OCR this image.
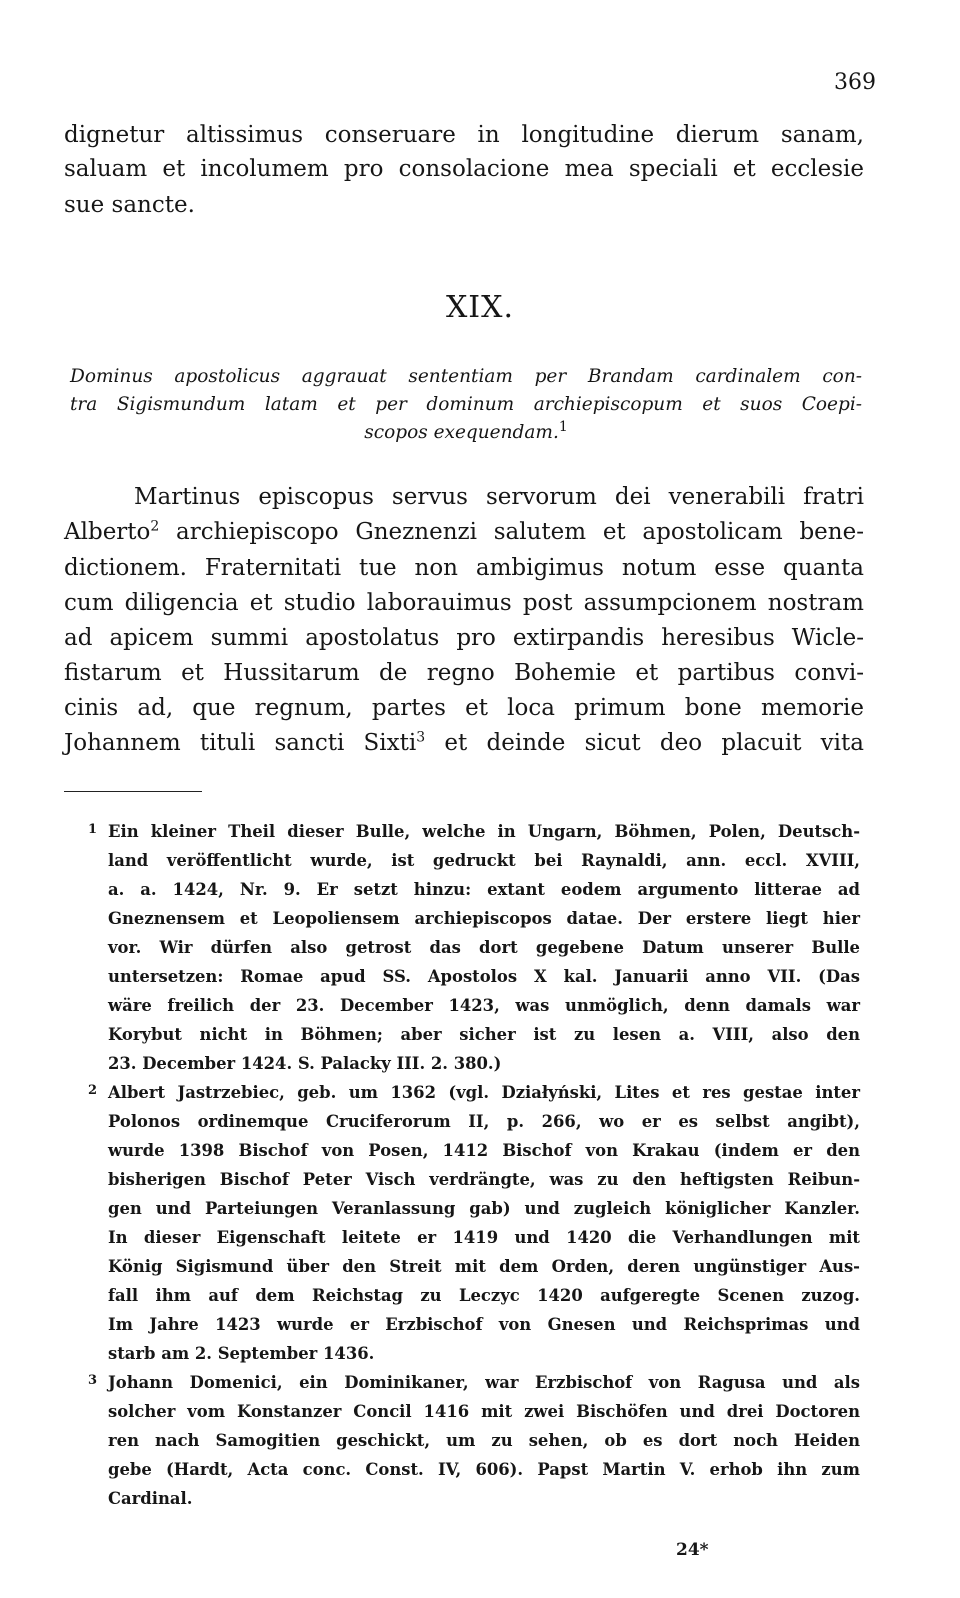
369
dignetur altissimus conseruare in longitudine dierum sanam,
saluam et incolumem pro consolacione mea speciali et ecclesie
sue sancte.
XIX.
Dominus apostolicus aggrauat sententiam per Brandam cardinalem con-
tra Sigismundum latam et per dominum archiepiscopum et suos Coepi-
scopos exequendam.$^1$
Martinus episcopus servus servorum dei venerabili fratri
Alberto$^2$ archiepiscopo Gneznenzi salutem et apostolicam bene-
dictionem. Fraternitati tue non ambigimus notum esse quanta
cum diligencia et studio laborauimus post assumpcionem nostram
ad apicem summi apostolatus pro extirpandis heresibus Wicle-
fistarum et Hussitarum de regno Bohemie et partibus convi-
cinis ad, que regnum, partes et loca primum bone memorie
Johannem tituli sancti Sixti$^3$ et deinde sicut deo placuit vita
1 Ein kleiner Theil dieser Bulle, welche in Ungarn, Böhmen, Polen, Deutsch-
land veröffentlicht wurde, ist gedruckt bei Raynaldi, ann. eccl. XVIII,
a. a. 1424, Nr. 9. Er setzt hinzu: extant eodem argumento litterae ad
Gneznensem et Leopoliensem archiepiscopos datae. Der erstere liegt hier
vor. Wir dürfen also getrost das dort gegebene Datum unserer Bulle
untersetzen: Romae apud SS. Apostolos X kal. Januarii anno VII. (Das
wäre freilich der 23. December 1423, was unmöglich, denn damals war
Korybut nicht in Böhmen; aber sicher ist zu lesen a. VIII, also den
23. December 1424. S. Palacky III. 2. 380.)
2 Albert Jastrzebiec, geb. um 1362 (vgl. Działyński, Lites et res gestae inter
Polonos ordinemque Cruciferorum II, p. 266, wo er es selbst angibt),
wurde 1398 Bischof von Posen, 1412 Bischof von Krakau (indem er den
bisherigen Bischof Peter Visch verdrängte, was zu den heftigsten Reibun-
gen und Parteiungen Veranlassung gab) und zugleich königlicher Kanzler.
In dieser Eigenschaft leitete er 1419 und 1420 die Verhandlungen mit
König Sigismund über den Streit mit dem Orden, deren ungünstiger Aus-
fall ihm auf dem Reichstag zu Leczyc 1420 aufgeregte Scenen zuzog.
Im Jahre 1423 wurde er Erzbischof von Gnesen und Reichsprimas und
starb am 2. September 1436.
3 Johann Domenici, ein Dominikaner, war Erzbischof von Ragusa und als
solcher vom Konstanzer Concil 1416 mit zwei Bischöfen und drei Doctoren
ren nach Samogitien geschickt, um zu sehen, ob es dort noch Heiden
gebe (Hardt, Acta conc. Const. IV, 606). Papst Martin V. erhob ihn zum
Cardinal.
24*
